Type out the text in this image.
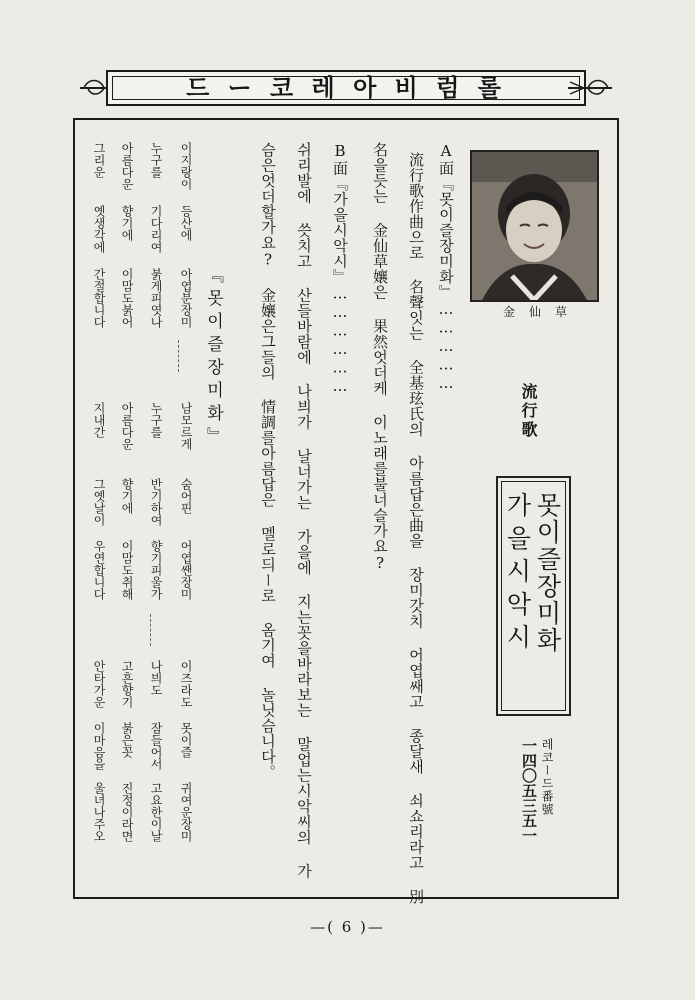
드 ー 코 레 아 비 럼 롤
金仙草
流行歌
못이즐장미화
가을시악시
레코ー드番號
一四〇五三五一
A面『못이즐장미화』……………
流行歌作曲으로 名聲잇는 全基玹氏의 아름답은曲을 장미갓치 어엽쌔고 종달새 쇠쇼리라고 別
名을듯는 金仙草孃은 果然엇더케 이노래를불너슬가요?
B面『가을시악시』………………
쉬리발에 씃치고 산들바람에 나븨가 날너가는 가을에 지는꼿을바라보는 말업는시악씨의 가
슴은엇더할가요? 金孃은그들의 情調를아름답은 멜로듸ー로 옴기여 놀닛슴니다。
『못이즐장미화』
이지랑이
등산에
아엽분장미
누구를
기다리여
붉게피엿나
아름다운
향기에
이맘도붉어
그리운
옛생각에
간절합니다
남모르게
숨어핀
어엽쌘장미
누구를
반기하여
향기피울가
아름다운
향기에
이맘도취해
지내간
그옛날이
우연합니다
이즈라도
못이즐
귀여운장미
나븨도
잠들어서
고요한이날
고흔향기
붉은꼿
진정이라면
안타가운
이마음을
울녀나주오
—( 6 )—
